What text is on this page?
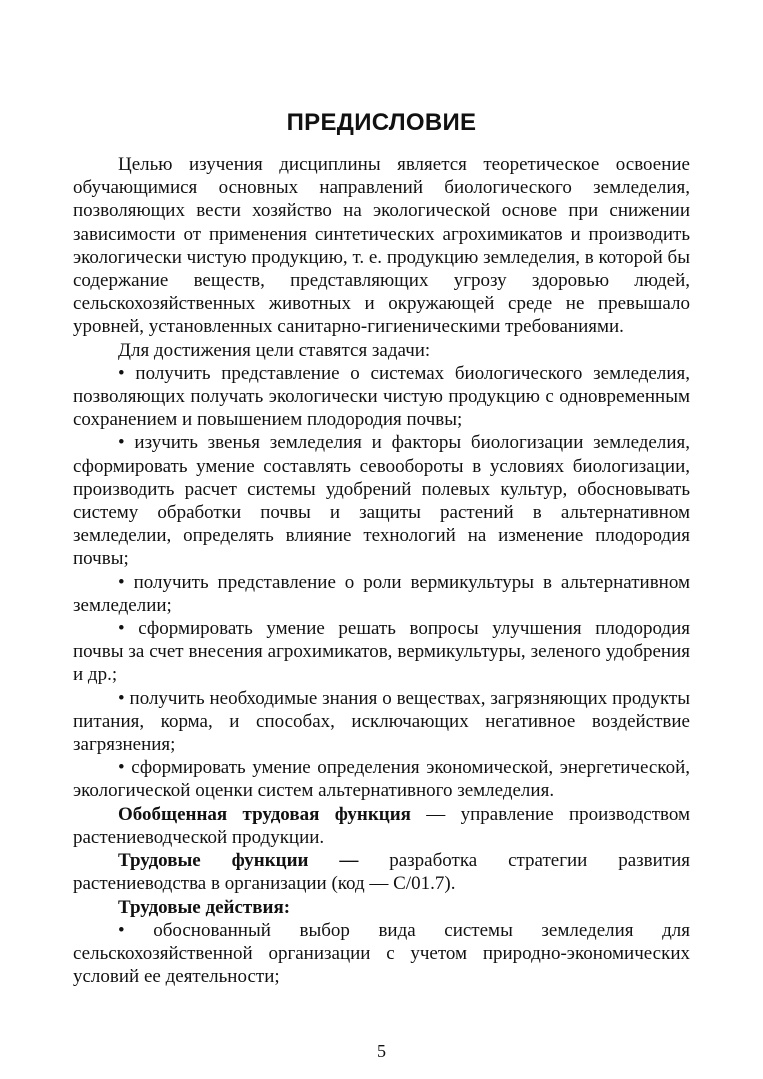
ПРЕДИСЛОВИЕ

Целью изучения дисциплины является теоретическое освоение обучающимися основных направлений биологического земледелия, позволяющих вести хозяйство на экологической основе при снижении зависимости от применения синтетических агрохимикатов и производить экологически чистую продукцию, т. е. продукцию земледелия, в которой бы содержание веществ, представляющих угрозу здоровью людей, сельскохозяйственных животных и окружающей среде не превышало уровней, установленных санитарно-гигиеническими требованиями.

Для достижения цели ставятся задачи:

• получить представление о системах биологического земледелия, позволяющих получать экологически чистую продукцию с одновременным сохранением и повышением плодородия почвы;

• изучить звенья земледелия и факторы биологизации земледелия, сформировать умение составлять севообороты в условиях биологизации, производить расчет системы удобрений полевых культур, обосновывать систему обработки почвы и защиты растений в альтернативном земледелии, определять влияние технологий на изменение плодородия почвы;

• получить представление о роли вермикультуры в альтернативном земледелии;

• сформировать умение решать вопросы улучшения плодородия почвы за счет внесения агрохимикатов, вермикультуры, зеленого удобрения и др.;

• получить необходимые знания о веществах, загрязняющих продукты питания, корма, и способах, исключающих негативное воздействие загрязнения;

• сформировать умение определения экономической, энергетической, экологической оценки систем альтернативного земледелия.

Обобщенная трудовая функция — управление производством растениеводческой продукции.

Трудовые функции — разработка стратегии развития растениеводства в организации (код — С/01.7).

Трудовые действия:

• обоснованный выбор вида системы земледелия для сельскохозяйственной организации с учетом природно-экономических условий ее деятельности;

5
